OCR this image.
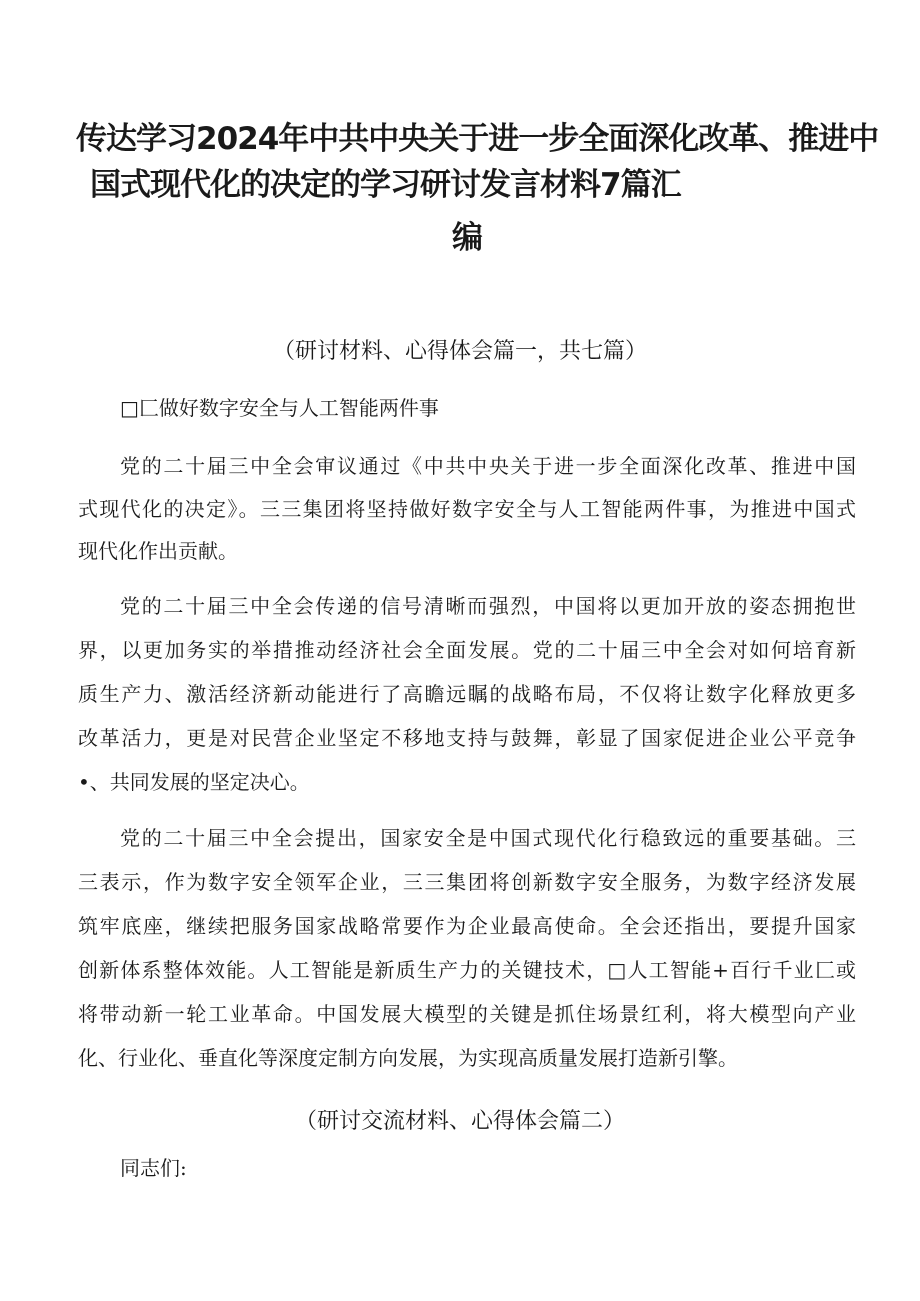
传达学习2024年中共中央关于进一步全面深化改革、推进中
国式现代化的决定的学习研讨发言材料7篇汇
编
（研讨材料、心得体会篇一，共七篇）
□匚做好数字安全与人工智能两件事
党的二十届三中全会审议通过《中共中央关于进一步全面深化改革、推进中国
式现代化的决定》。三三集团将坚持做好数字安全与人工智能两件事，为推进中国式
现代化作出贡献。
党的二十届三中全会传递的信号清晰而强烈，中国将以更加开放的姿态拥抱世
界，以更加务实的举措推动经济社会全面发展。党的二十届三中全会对如何培育新
质生产力、激活经济新动能进行了高瞻远瞩的战略布局，不仅将让数字化释放更多
改革活力，更是对民营企业坚定不移地支持与鼓舞，彰显了国家促进企业公平竞争
•、共同发展的坚定决心。
党的二十届三中全会提出，国家安全是中国式现代化行稳致远的重要基础。三
三表示，作为数字安全领军企业，三三集团将创新数字安全服务，为数字经济发展
筑牢底座，继续把服务国家战略常要作为企业最高使命。全会还指出，要提升国家
创新体系整体效能。人工智能是新质生产力的关键技术，□人工智能+百行千业匚或
将带动新一轮工业革命。中国发展大模型的关键是抓住场景红利，将大模型向产业
化、行业化、垂直化等深度定制方向发展，为实现高质量发展打造新引擎。
（研讨交流材料、心得体会篇二）
同志们:
